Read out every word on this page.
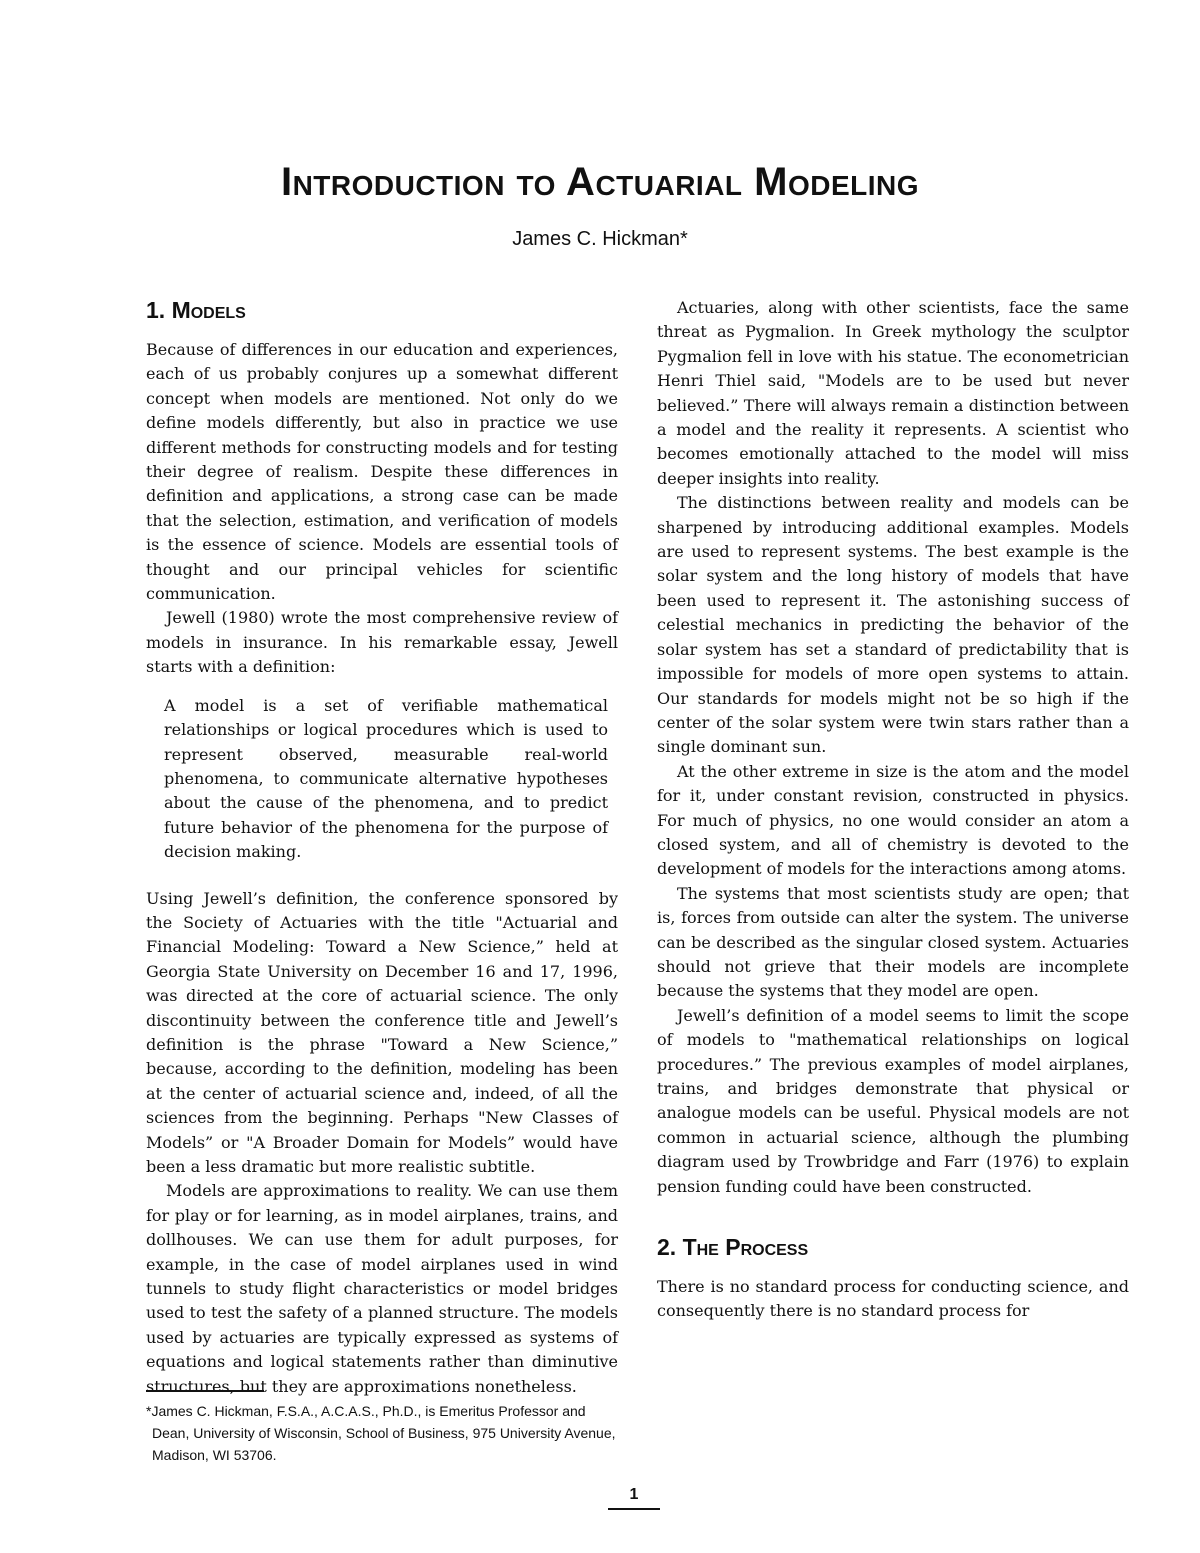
Introduction to Actuarial Modeling
James C. Hickman*
1. Models

Because of differences in our education and experiences, each of us probably conjures up a somewhat different concept when models are mentioned. Not only do we define models differently, but also in practice we use different methods for constructing models and for testing their degree of realism. Despite these differences in definition and applications, a strong case can be made that the selection, estimation, and verification of models is the essence of science. Models are essential tools of thought and our principal vehicles for scientific communication.

Jewell (1980) wrote the most comprehensive review of models in insurance. In his remarkable essay, Jewell starts with a definition:

A model is a set of verifiable mathematical relationships or logical procedures which is used to represent observed, measurable real-world phenomena, to communicate alternative hypotheses about the cause of the phenomena, and to predict future behavior of the phenomena for the purpose of decision making.

Using Jewell’s definition, the conference sponsored by the Society of Actuaries with the title "Actuarial and Financial Modeling: Toward a New Science,” held at Georgia State University on December 16 and 17, 1996, was directed at the core of actuarial science. The only discontinuity between the conference title and Jewell’s definition is the phrase "Toward a New Science,” because, according to the definition, modeling has been at the center of actuarial science and, indeed, of all the sciences from the beginning. Perhaps "New Classes of Models” or "A Broader Domain for Models” would have been a less dramatic but more realistic subtitle.

Models are approximations to reality. We can use them for play or for learning, as in model airplanes, trains, and dollhouses. We can use them for adult purposes, for example, in the case of model airplanes used in wind tunnels to study flight characteristics or model bridges used to test the safety of a planned structure. The models used by actuaries are typically expressed as systems of equations and logical statements rather than diminutive structures, but they are approximations nonetheless.

Actuaries, along with other scientists, face the same threat as Pygmalion. In Greek mythology the sculptor Pygmalion fell in love with his statue. The econometrician Henri Thiel said, "Models are to be used but never believed.” There will always remain a distinction between a model and the reality it represents. A scientist who becomes emotionally attached to the model will miss deeper insights into reality.

The distinctions between reality and models can be sharpened by introducing additional examples. Models are used to represent systems. The best example is the solar system and the long history of models that have been used to represent it. The astonishing success of celestial mechanics in predicting the behavior of the solar system has set a standard of predictability that is impossible for models of more open systems to attain. Our standards for models might not be so high if the center of the solar system were twin stars rather than a single dominant sun.

At the other extreme in size is the atom and the model for it, under constant revision, constructed in physics. For much of physics, no one would consider an atom a closed system, and all of chemistry is devoted to the development of models for the interactions among atoms.

The systems that most scientists study are open; that is, forces from outside can alter the system. The universe can be described as the singular closed system. Actuaries should not grieve that their models are incomplete because the systems that they model are open.

Jewell’s definition of a model seems to limit the scope of models to "mathematical relationships on logical procedures.” The previous examples of model airplanes, trains, and bridges demonstrate that physical or analogue models can be useful. Physical models are not common in actuarial science, although the plumbing diagram used by Trowbridge and Farr (1976) to explain pension funding could have been constructed.

2. The Process

There is no standard process for conducting science, and consequently there is no standard process for

*James C. Hickman, F.S.A., A.C.A.S., Ph.D., is Emeritus Professor and Dean, University of Wisconsin, School of Business, 975 University Avenue, Madison, WI 53706.
1
